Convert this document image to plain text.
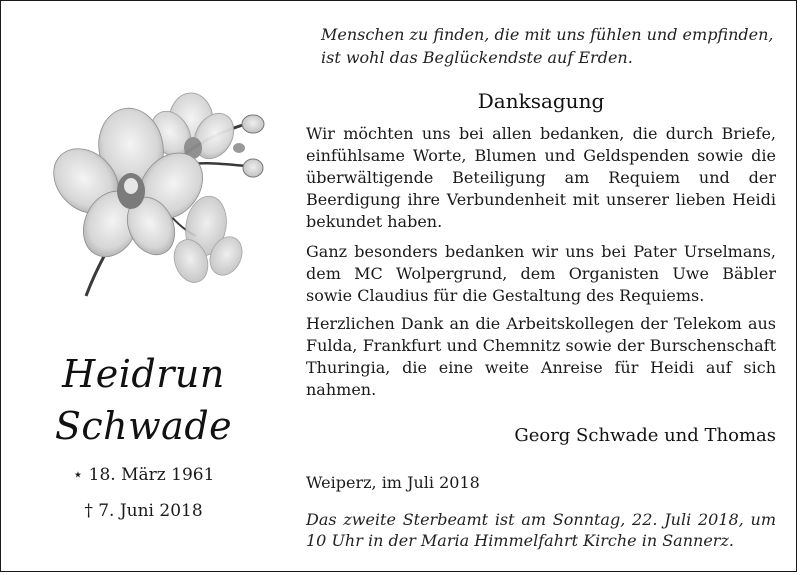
Heidrun
Schwade
⋆ 18. März 1961
† 7. Juni 2018
Menschen zu finden, die mit uns fühlen und empfinden,
ist wohl das Beglückendste auf Erden.
Danksagung
Wir möchten uns bei allen bedanken, die durch Briefe, einfühlsame Worte, Blumen und Geldspenden sowie die überwältigende Beteiligung am Requiem und der Beerdigung ihre Verbundenheit mit unserer lieben Heidi bekundet haben.
Ganz besonders bedanken wir uns bei Pater Urselmans, dem MC Wolpergrund, dem Organisten Uwe Bäbler sowie Claudius für die Gestaltung des Requiems.
Herzlichen Dank an die Arbeitskollegen der Telekom aus Fulda, Frankfurt und Chemnitz sowie der Burschenschaft Thuringia, die eine weite Anreise für Heidi auf sich nahmen.
Georg Schwade und Thomas
Weiperz, im Juli 2018
Das zweite Sterbeamt ist am Sonntag, 22. Juli 2018, um 10 Uhr in der Maria Himmelfahrt Kirche in Sannerz.
